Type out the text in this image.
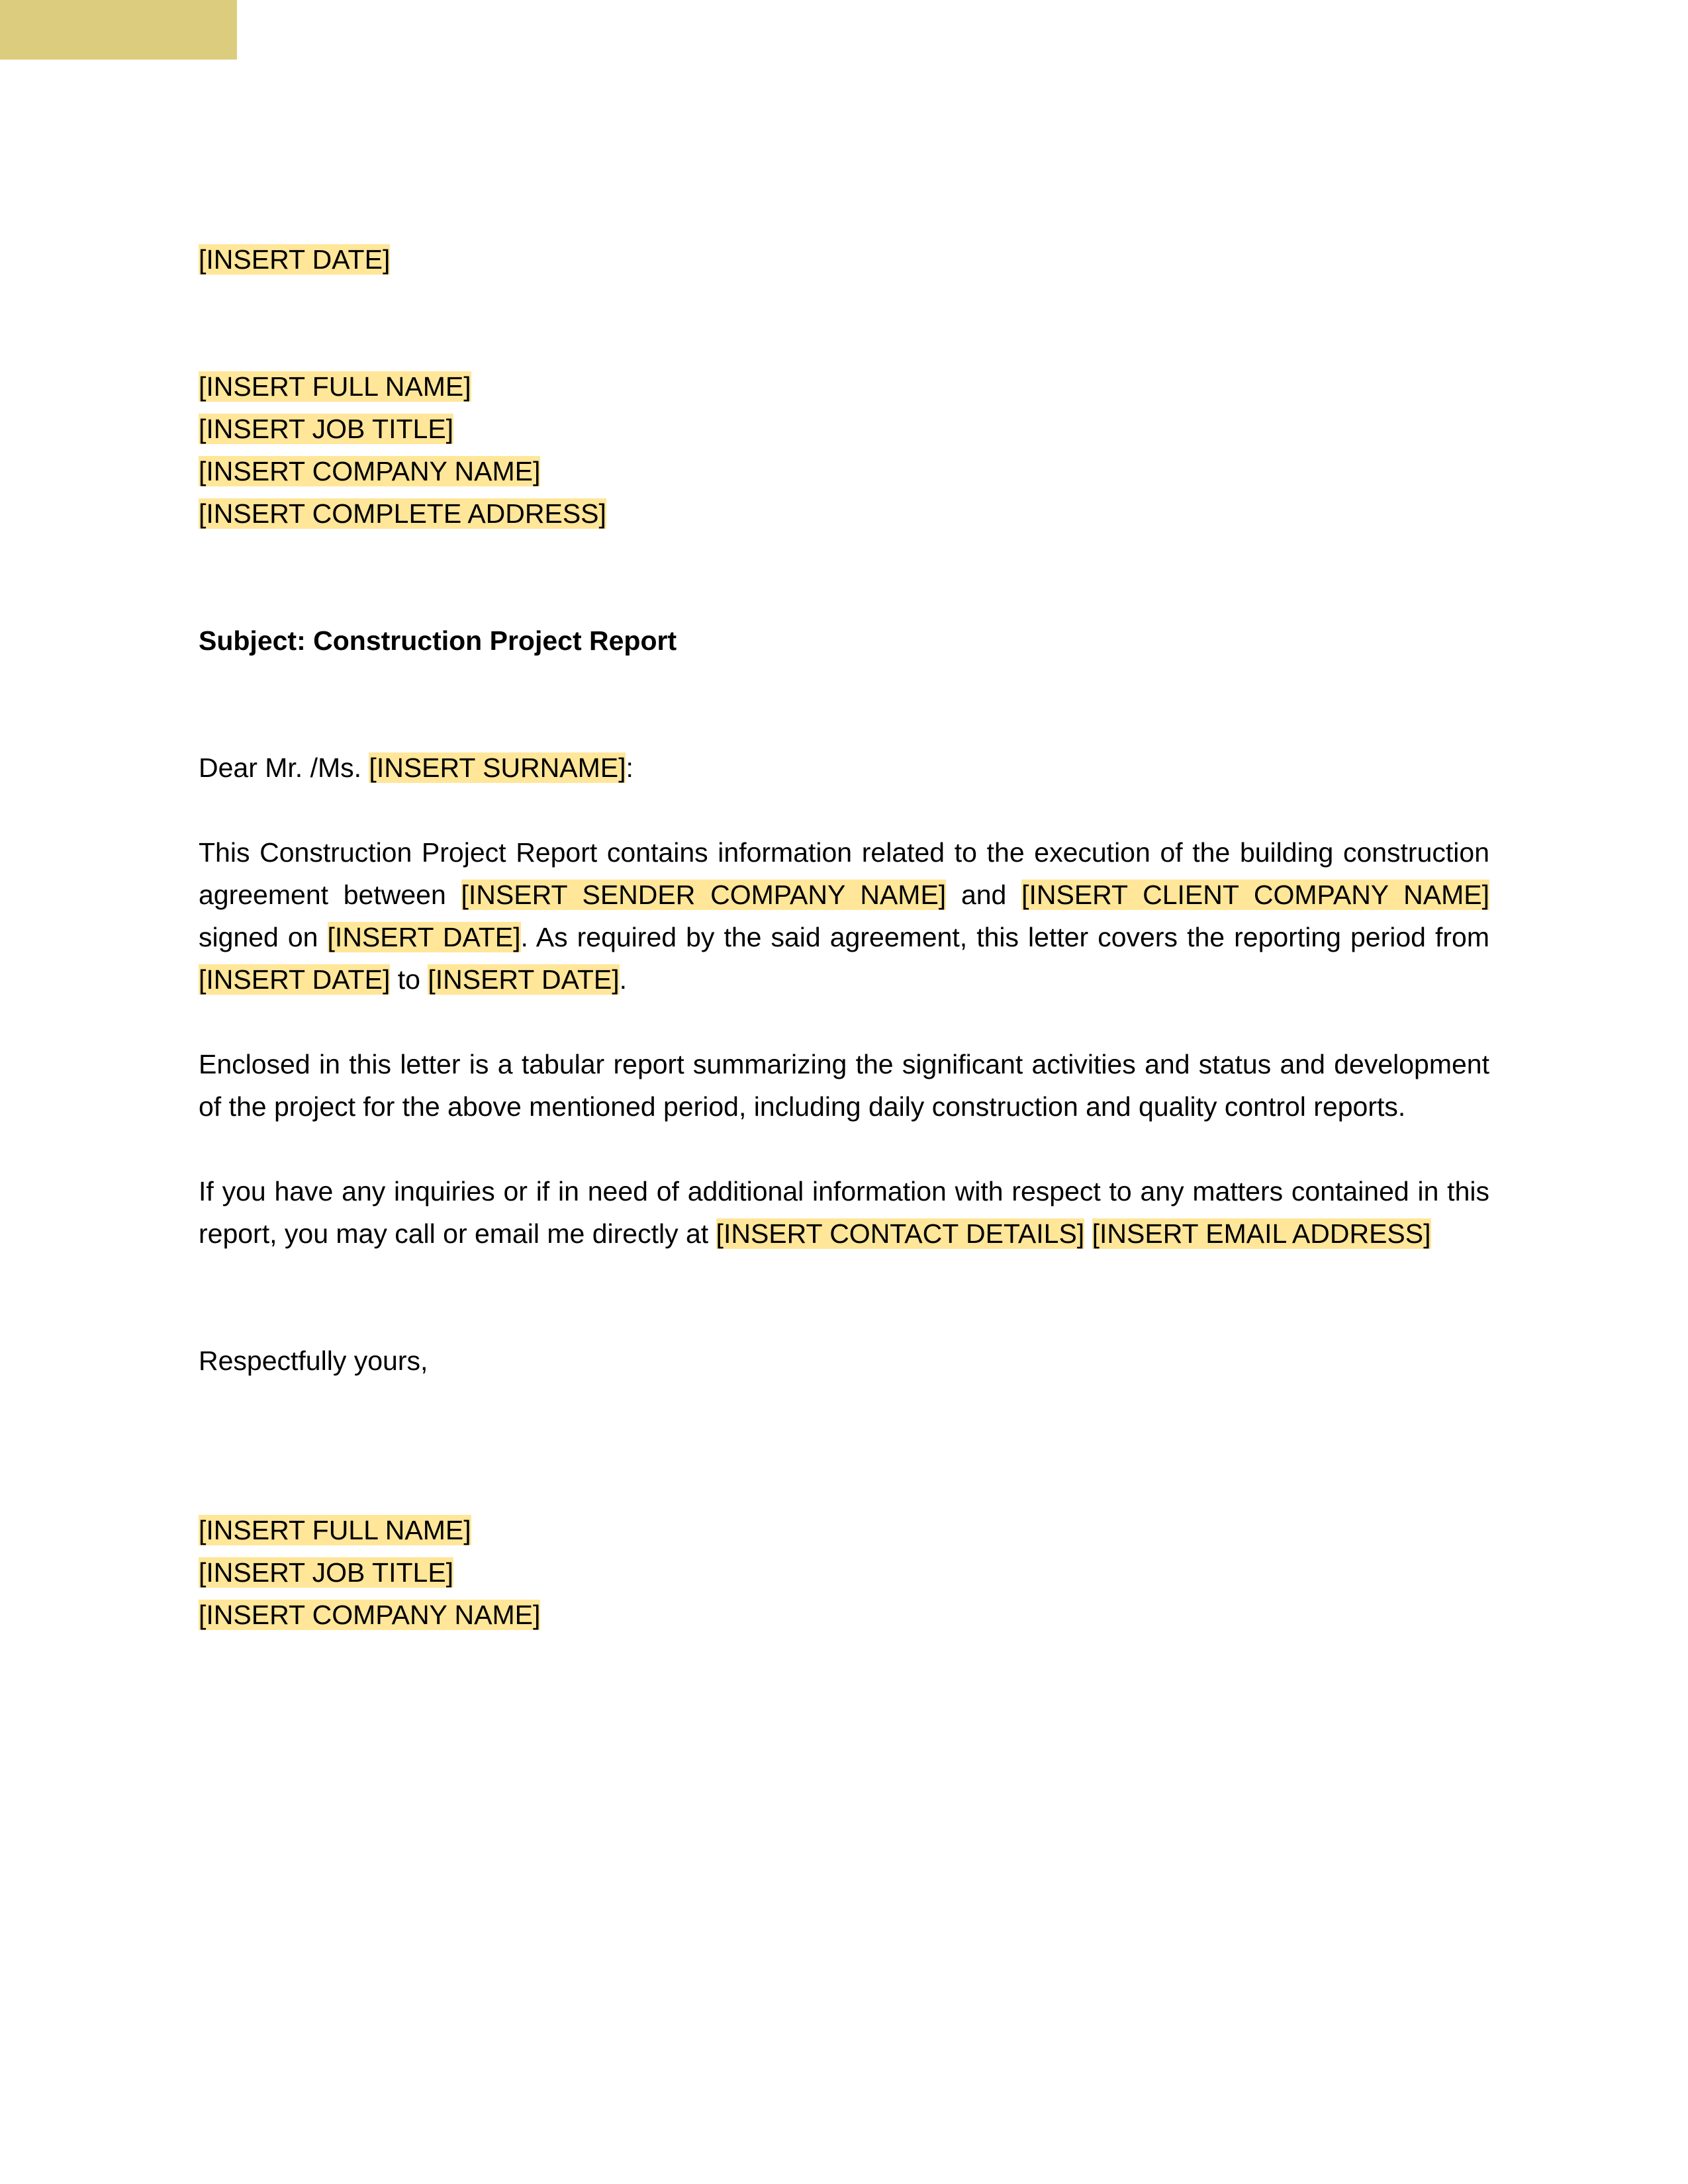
[INSERT DATE]
[INSERT FULL NAME]
[INSERT JOB TITLE]
[INSERT COMPANY NAME]
[INSERT COMPLETE ADDRESS]
Subject: Construction Project Report
Dear Mr. /Ms. [INSERT SURNAME]:

This Construction Project Report contains information related to the execution of the building construction agreement between [INSERT SENDER COMPANY NAME] and [INSERT CLIENT COMPANY NAME] signed on [INSERT DATE]. As required by the said agreement, this letter covers the reporting period from [INSERT DATE] to [INSERT DATE].

Enclosed in this letter is a tabular report summarizing the significant activities and status and development of the project for the above mentioned period, including daily construction and quality control reports.

If you have any inquiries or if in need of additional information with respect to any matters contained in this report, you may call or email me directly at [INSERT CONTACT DETAILS] [INSERT EMAIL ADDRESS]

Respectfully yours,
[INSERT FULL NAME]
[INSERT JOB TITLE]
[INSERT COMPANY NAME]
